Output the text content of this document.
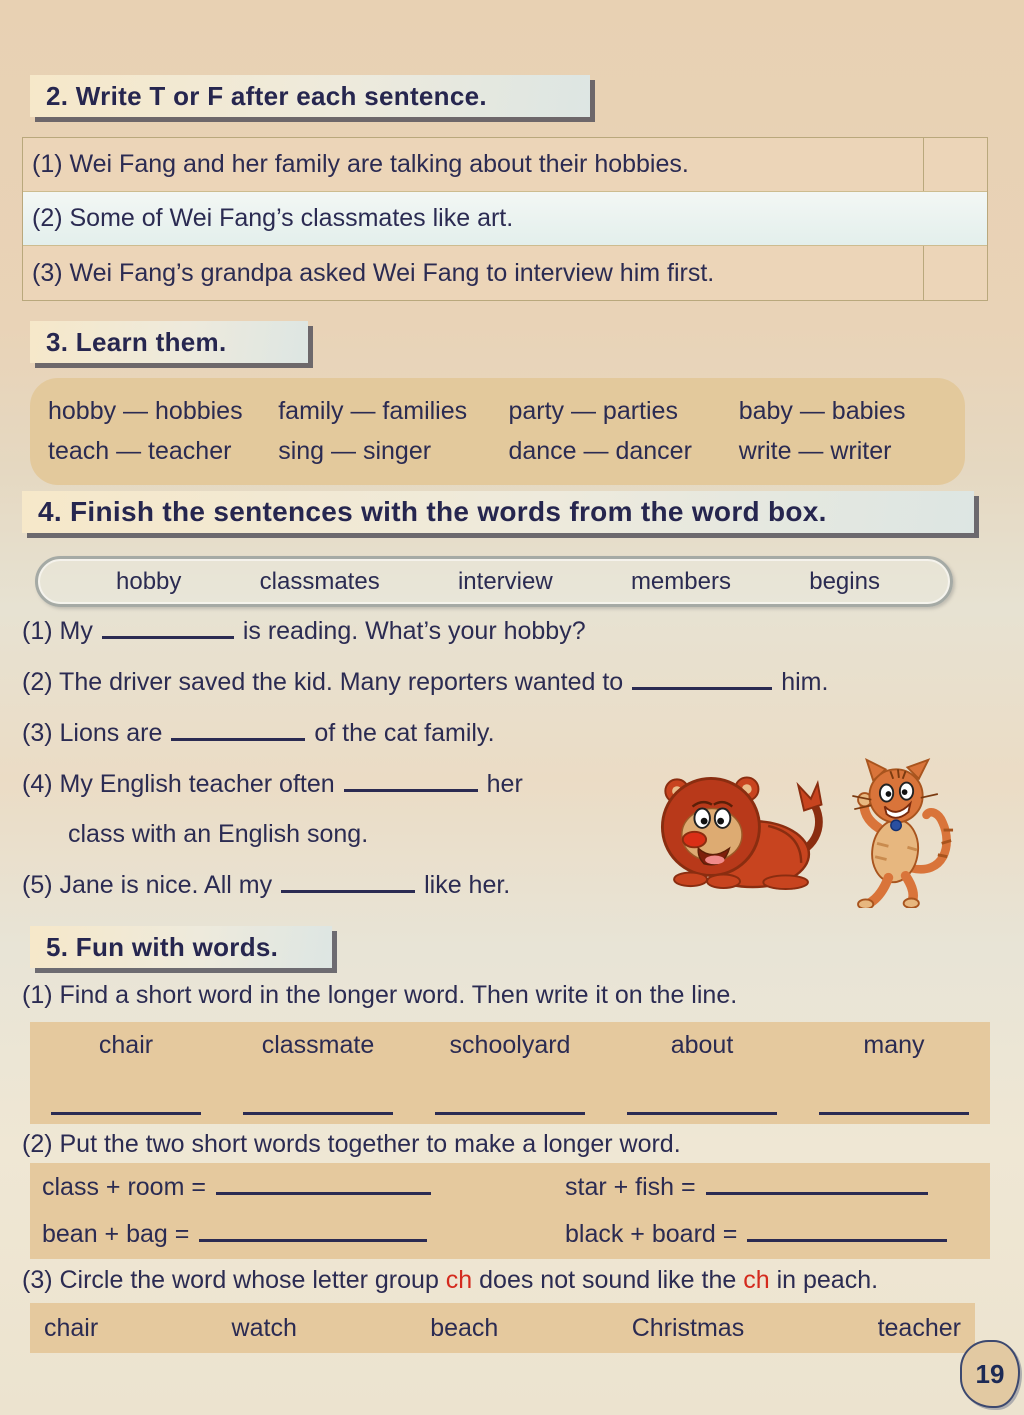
2. Write T or F after each sentence.
(1) Wei Fang and her family are talking about their hobbies.
(2) Some of Wei Fang’s classmates like art.
(3) Wei Fang’s grandpa asked Wei Fang to interview him first.
3. Learn them.
hobby — hobbies	family — families	party — parties	baby — babies
teach — teacher	sing — singer	dance — dancer	write — writer
4. Finish the sentences with the words from the word box.
hobby	classmates	interview	members	begins
(1) My	is reading. What’s your hobby?
(2) The driver saved the kid. Many reporters wanted to	him.
(3) Lions are	of the cat family.
(4) My English teacher often	her
class with an English song.
(5) Jane is nice. All my	like her.
5. Fun with words.
(1) Find a short word in the longer word. Then write it on the line.
chair	classmate	schoolyard	about	many
(2) Put the two short words together to make a longer word.
class + room =	star + fish =
bean + bag =	black + board =
(3) Circle the word whose letter group ch does not sound like the ch in peach.
chair	watch	beach	Christmas	teacher
19
